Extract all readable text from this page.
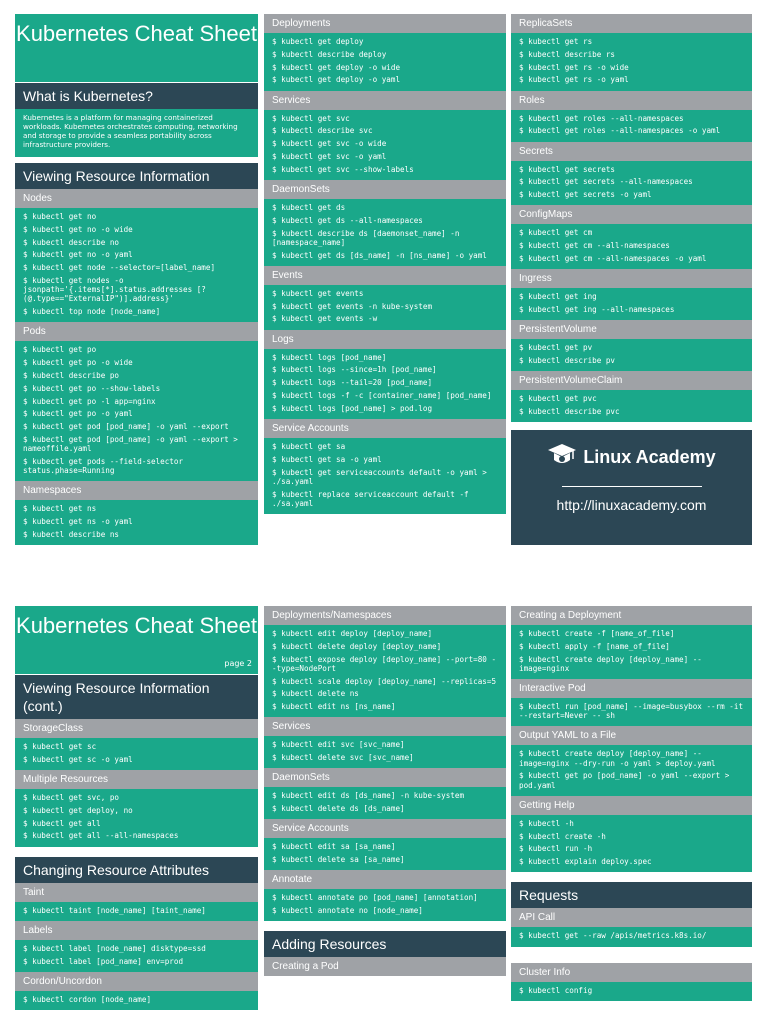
Kubernetes Cheat Sheet
What is Kubernetes?
Kubernetes is a platform for managing containerized workloads. Kubernetes orchestrates computing, networking and storage to provide a seamless portability across infrastructure providers.
Viewing Resource Information
Nodes
$ kubectl get no
$ kubectl get no -o wide
$ kubectl describe no
$ kubectl get no -o yaml
$ kubectl get node --selector=[label_name]
$ kubectl get nodes -o jsonpath='{.items[*].status.addresses [?(@.type=="ExternalIP")].address}'
$ kubectl top node [node_name]
Pods
$ kubectl get po
$ kubectl get po -o wide
$ kubectl describe po
$ kubectl get po --show-labels
$ kubectl get po -l app=nginx
$ kubectl get po -o yaml
$ kubectl get pod [pod_name] -o yaml --export
$ kubectl get pod [pod_name] -o yaml --export > nameoffile.yaml
$ kubectl get pods --field-selector status.phase=Running
Namespaces
$ kubectl get ns
$ kubectl get ns -o yaml
$ kubectl describe ns
Deployments
$ kubectl get deploy
$ kubectl describe deploy
$ kubectl get deploy -o wide
$ kubectl get deploy -o yaml
Services
$ kubectl get svc
$ kubectl describe svc
$ kubectl get svc -o wide
$ kubectl get svc -o yaml
$ kubectl get svc --show-labels
DaemonSets
$ kubectl get ds
$ kubectl get ds --all-namespaces
$ kubectl describe ds [daemonset_name] -n [namespace_name]
$ kubectl get ds [ds_name] -n [ns_name] -o yaml
Events
$ kubectl get events
$ kubectl get events -n kube-system
$ kubectl get events -w
Logs
$ kubectl logs [pod_name]
$ kubectl logs --since=1h [pod_name]
$ kubectl logs --tail=20 [pod_name]
$ kubectl logs -f -c [container_name] [pod_name]
$ kubectl logs [pod_name] > pod.log
Service Accounts
$ kubectl get sa
$ kubectl get sa -o yaml
$ kubectl get serviceaccounts default -o yaml > ./sa.yaml
$ kubectl replace serviceaccount default -f ./sa.yaml
ReplicaSets
$ kubectl get rs
$ kubectl describe rs
$ kubectl get rs -o wide
$ kubectl get rs -o yaml
Roles
$ kubectl get roles --all-namespaces
$ kubectl get roles --all-namespaces -o yaml
Secrets
$ kubectl get secrets
$ kubectl get secrets --all-namespaces
$ kubectl get secrets -o yaml
ConfigMaps
$ kubectl get cm
$ kubectl get cm --all-namespaces
$ kubectl get cm --all-namespaces -o yaml
Ingress
$ kubectl get ing
$ kubectl get ing --all-namespaces
PersistentVolume
$ kubectl get pv
$ kubectl describe pv
PersistentVolumeClaim
$ kubectl get pvc
$ kubectl describe pvc
Linux Academy
http://linuxacademy.com
Kubernetes Cheat Sheet
page 2
Viewing Resource Information (cont.)
StorageClass
$ kubectl get sc
$ kubectl get sc -o yaml
Multiple Resources
$ kubectl get svc, po
$ kubectl get deploy, no
$ kubectl get all
$ kubectl get all --all-namespaces
Changing Resource Attributes
Taint
$ kubectl taint [node_name] [taint_name]
Labels
$ kubectl label [node_name] disktype=ssd
$ kubectl label [pod_name] env=prod
Cordon/Uncordon
$ kubectl cordon [node_name]
Deployments/Namespaces
$ kubectl edit deploy [deploy_name]
$ kubectl delete deploy [deploy_name]
$ kubectl expose deploy [deploy_name] --port=80 --type=NodePort
$ kubectl scale deploy [deploy_name] --replicas=5
$ kubectl delete ns
$ kubectl edit ns [ns_name]
Services
$ kubectl edit svc [svc_name]
$ kubectl delete svc [svc_name]
DaemonSets
$ kubectl edit ds [ds_name] -n kube-system
$ kubectl delete ds [ds_name]
Service Accounts
$ kubectl edit sa [sa_name]
$ kubectl delete sa [sa_name]
Annotate
$ kubectl annotate po [pod_name] [annotation]
$ kubectl annotate no [node_name]
Adding Resources
Creating a Pod
Creating a Deployment
$ kubectl create -f [name_of_file]
$ kubectl apply -f [name_of_file]
$ kubectl create deploy [deploy_name] --image=nginx
Interactive Pod
$ kubectl run [pod_name] --image=busybox --rm -it --restart=Never -- sh
Output YAML to a File
$ kubectl create deploy [deploy_name] --image=nginx --dry-run -o yaml > deploy.yaml
$ kubectl get po [pod_name] -o yaml --export > pod.yaml
Getting Help
$ kubectl -h
$ kubectl create -h
$ kubectl run -h
$ kubectl explain deploy.spec
Requests
API Call
$ kubectl get --raw /apis/metrics.k8s.io/
Cluster Info
$ kubectl config
